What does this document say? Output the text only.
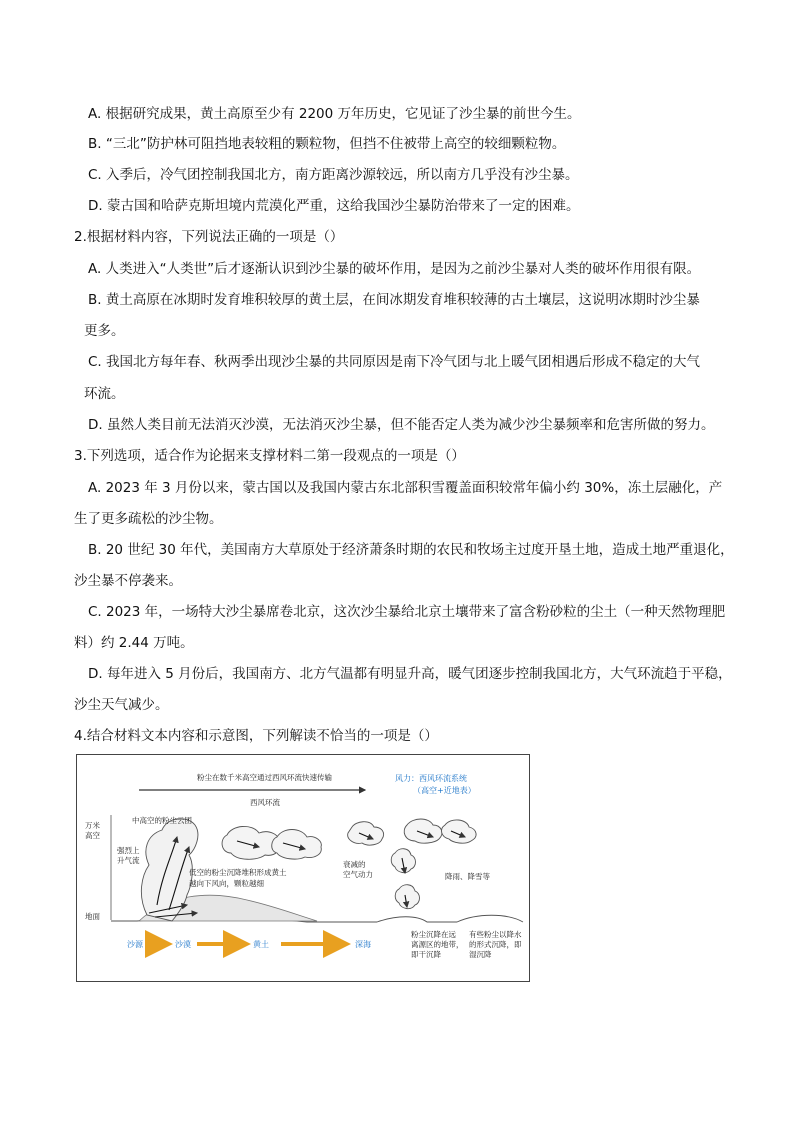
A. 根据研究成果，黄土高原至少有 2200 万年历史，它见证了沙尘暴的前世今生。
B. “三北”防护林可阻挡地表较粗的颗粒物，但挡不住被带上高空的较细颗粒物。
C. 入季后，冷气团控制我国北方，南方距离沙源较远，所以南方几乎没有沙尘暴。
D. 蒙古国和哈萨克斯坦境内荒漠化严重，这给我国沙尘暴防治带来了一定的困难。
2.根据材料内容，下列说法正确的一项是（）
A. 人类进入“人类世”后才逐渐认识到沙尘暴的破坏作用，是因为之前沙尘暴对人类的破坏作用很有限。
B. 黄土高原在冰期时发育堆积较厚的黄土层，在间冰期发育堆积较薄的古土壤层，这说明冰期时沙尘暴
更多。
C. 我国北方每年春、秋两季出现沙尘暴的共同原因是南下冷气团与北上暖气团相遇后形成不稳定的大气
环流。
D. 虽然人类目前无法消灭沙漠，无法消灭沙尘暴，但不能否定人类为减少沙尘暴频率和危害所做的努力。
3.下列选项，适合作为论据来支撑材料二第一段观点的一项是（）
A. 2023 年 3 月份以来，蒙古国以及我国内蒙古东北部积雪覆盖面积较常年偏小约 30%，冻土层融化，产
生了更多疏松的沙尘物。
B. 20 世纪 30 年代，美国南方大草原处于经济萧条时期的农民和牧场主过度开垦土地，造成土地严重退化，
沙尘暴不停袭来。
C. 2023 年，一场特大沙尘暴席卷北京，这次沙尘暴给北京土壤带来了富含粉砂粒的尘土（一种天然物理肥
料）约 2.44 万吨。
D. 每年进入 5 月份后，我国南方、北方气温都有明显升高，暖气团逐步控制我国北方，大气环流趋于平稳，
沙尘天气减少。
4.结合材料文本内容和示意图，下列解读不恰当的一项是（）
粉尘在数千米高空通过西风环流快速传输
西风环流
风力：西风环流系统
（高空+近地表）
万米
高空
地面
中高空的粉尘云团
强烈上
升气流
低空的粉尘沉降堆积形成黄土
越向下风向，颗粒越细
衰减的
空气动力	降雨、降雪等
粉尘沉降在远
离源区的地带，
即干沉降
有些粉尘以降水
的形式沉降，即
湿沉降
沙源	沙漠	黄土	深海
